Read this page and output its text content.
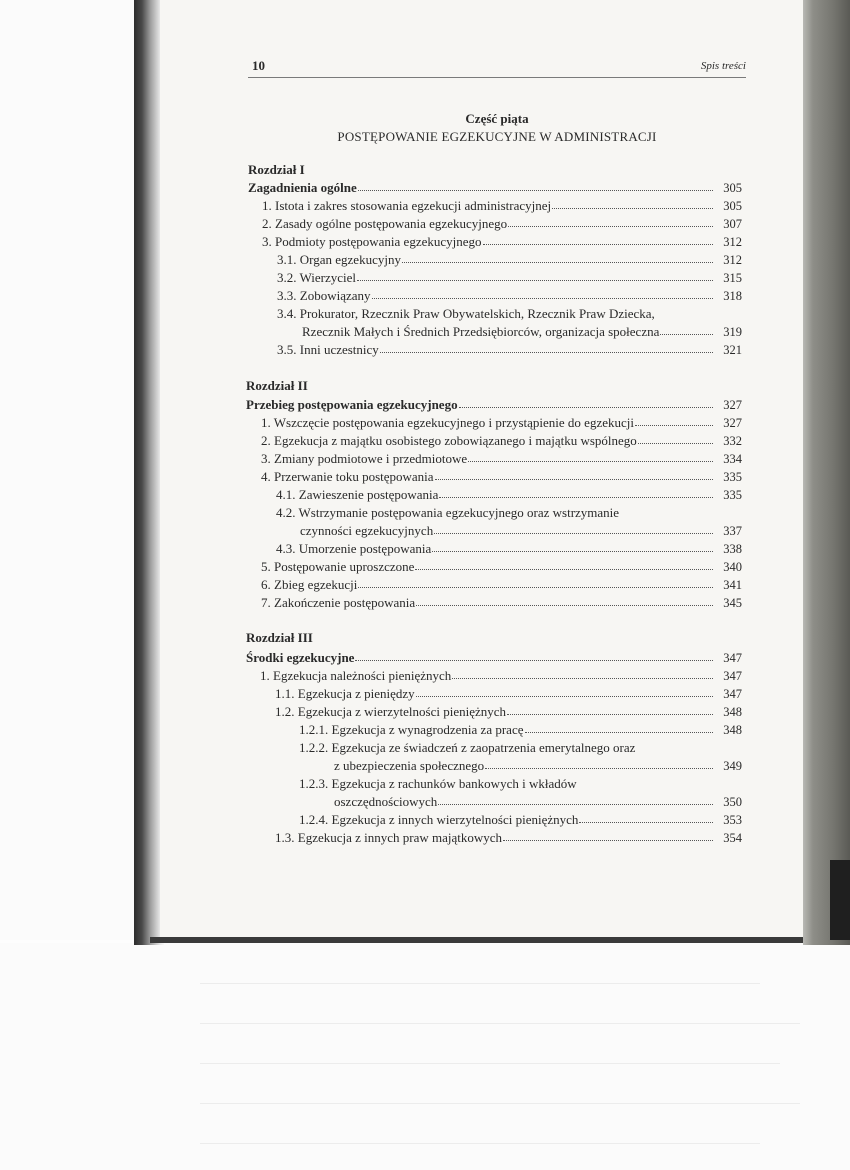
10	Spis treści
Część piąta
POSTĘPOWANIE EGZEKUCYJNE W ADMINISTRACJI
Rozdział I
Zagadnienia ogólne	305
1. Istota i zakres stosowania egzekucji administracyjnej	305
2. Zasady ogólne postępowania egzekucyjnego	307
3. Podmioty postępowania egzekucyjnego	312
3.1. Organ egzekucyjny	312
3.2. Wierzyciel	315
3.3. Zobowiązany	318
3.4. Prokurator, Rzecznik Praw Obywatelskich, Rzecznik Praw Dziecka,
Rzecznik Małych i Średnich Przedsiębiorców, organizacja społeczna	319
3.5. Inni uczestnicy	321
Rozdział II
Przebieg postępowania egzekucyjnego	327
1. Wszczęcie postępowania egzekucyjnego i przystąpienie do egzekucji	327
2. Egzekucja z majątku osobistego zobowiązanego i majątku wspólnego	332
3. Zmiany podmiotowe i przedmiotowe	334
4. Przerwanie toku postępowania	335
4.1. Zawieszenie postępowania	335
4.2. Wstrzymanie postępowania egzekucyjnego oraz wstrzymanie
czynności egzekucyjnych	337
4.3. Umorzenie postępowania	338
5. Postępowanie uproszczone	340
6. Zbieg egzekucji	341
7. Zakończenie postępowania	345
Rozdział III
Środki egzekucyjne	347
1. Egzekucja należności pieniężnych	347
1.1. Egzekucja z pieniędzy	347
1.2. Egzekucja z wierzytelności pieniężnych	348
1.2.1. Egzekucja z wynagrodzenia za pracę	348
1.2.2. Egzekucja ze świadczeń z zaopatrzenia emerytalnego oraz
z ubezpieczenia społecznego	349
1.2.3. Egzekucja z rachunków bankowych i wkładów
oszczędnościowych	350
1.2.4. Egzekucja z innych wierzytelności pieniężnych	353
1.3. Egzekucja z innych praw majątkowych	354
